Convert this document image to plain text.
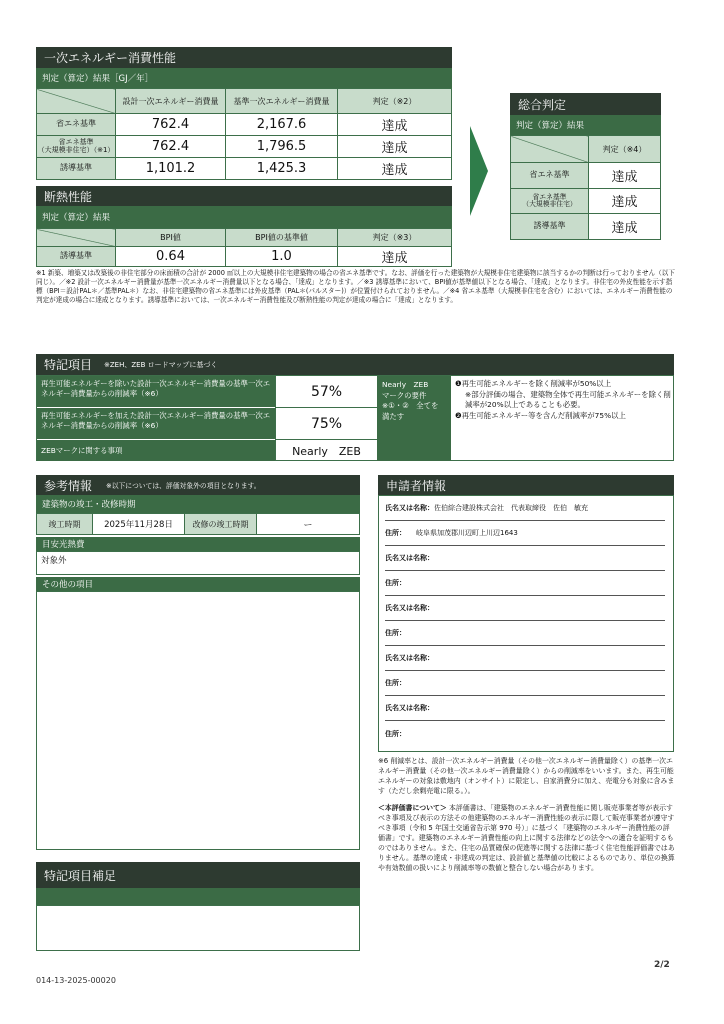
一次エネルギー消費性能
判定（算定）結果［GJ／年］
	設計一次エネルギー消費量	基準一次エネルギー消費量	判定（※2）
省エネ基準	762.4	2,167.6	達成
省エネ基準
（大規模非住宅）（※1）	762.4	1,796.5	達成
誘導基準	1,101.2	1,425.3	達成
断熱性能
判定（算定）結果
	BPI値	BPI値の基準値	判定（※3）
誘導基準	0.64	1.0	達成
総合判定
判定（算定）結果
	判定（※4）
省エネ基準	達成
省エネ基準
（大規模非住宅）	達成
誘導基準	達成
※1 新築、増築又は改築後の非住宅部分の床面積の合計が 2000 ㎡以上の大規模非住宅建築物の場合の省エネ基準です。なお、評価を行った建築物が大規模非住宅建築物に該当するかの判断は行っておりません（以下同じ）。／※2 設計一次エネルギー消費量が基準一次エネルギー消費量以下となる場合、「達成」となります。／※3 誘導基準において、BPI値が基準値以下となる場合、「達成」となります。非住宅の外皮性能を示す指標（BPI＝設計PAL＊／基準PAL＊）なお、非住宅建築物の省エネ基準には外皮基準（PAL＊(パルスター)）が位置付けられておりません。／※4 省エネ基準（大規模非住宅を含む）においては、エネルギー消費性能の判定が達成の場合に達成となります。誘導基準においては、一次エネルギー消費性能及び断熱性能の判定が達成の場合に「達成」となります。
特記項目 ※ZEH、ZEB ロードマップに基づく
再生可能エネルギーを除いた設計一次エネルギー消費量の基準一次エネルギー消費量からの削減率（※6）	57%
再生可能エネルギーを加えた設計一次エネルギー消費量の基準一次エネルギー消費量からの削減率（※6）	75%
ZEBマークに関する事項	Nearly　ZEB
Nearly　ZEB
マークの要件
※①・②　全てを
満たす
❶再生可能エネルギーを除く削減率が50%以上
※部分評価の場合、建築物全体で再生可能エネルギーを除く削減率が20%以上であることも必要。
❷再生可能エネルギー等を含んだ削減率が75%以上
参考情報 ※以下については、評価対象外の項目となります。
建築物の竣工・改修時期
竣工時期	2025年11月28日	改修の竣工時期	ー
目安光熱費
対象外
その他の項目
申請者情報
氏名又は名称： 佐伯綜合建設株式会社　代表取締役　佐伯　敏充
住所： 岐阜県加茂郡川辺町上川辺1643
氏名又は名称：
住所：
氏名又は名称：
住所：
氏名又は名称：
住所：
氏名又は名称：
住所：
※6 削減率とは、設計一次エネルギー消費量（その他一次エネルギー消費量除く）の基準一次エネルギー消費量（その他一次エネルギー消費量除く）からの削減率をいいます。また、再生可能エネルギーの対象は敷地内（オンサイト）に限定し、自家消費分に加え、売電分も対象に含みます（ただし余剰売電に限る。）。
＜本評価書について＞ 本評価書は、「建築物のエネルギー消費性能に関し販売事業者等が表示すべき事項及び表示の方法その他建築物のエネルギー消費性能の表示に際して販売事業者が遵守すべき事項（令和 5 年国土交通省告示第 970 号）」に基づく「建築物のエネルギー消費性能の評価書」です。建築物のエネルギー消費性能の向上に関する法律などの法令への適合を証明するものではありません。また、住宅の品質確保の促進等に関する法律に基づく住宅性能評価書ではありません。基準の達成・非達成の判定は、設計値と基準値の比較によるものであり、単位の換算や有効数値の扱いにより削減率等の数値と整合しない場合があります。
特記項目補足
014-13-2025-00020
2/2
